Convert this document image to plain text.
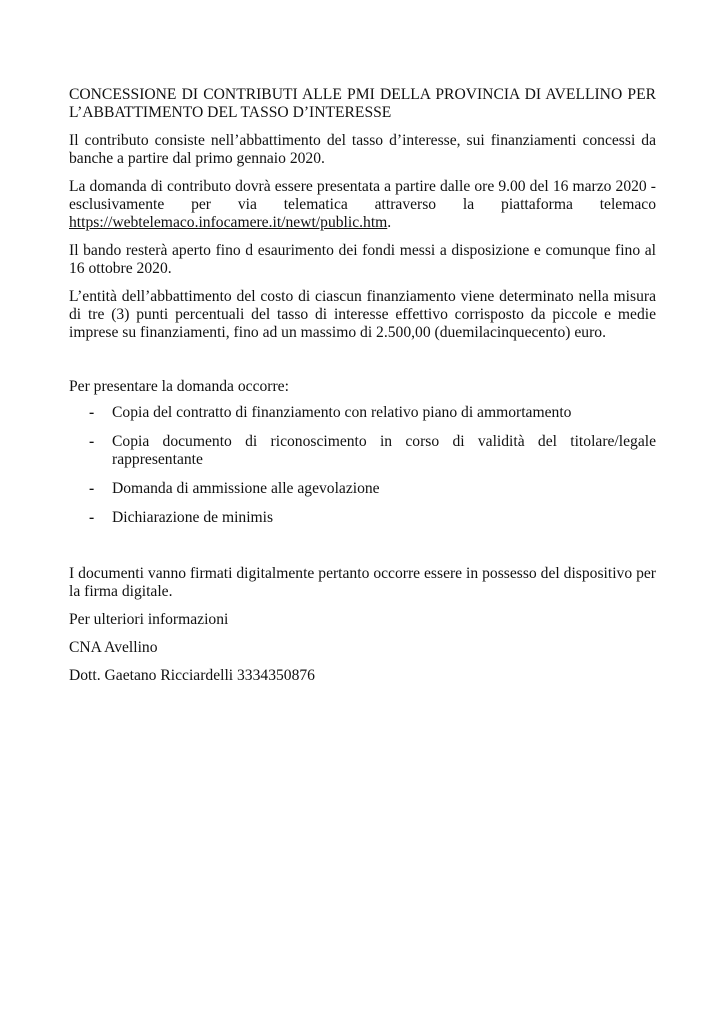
CONCESSIONE DI CONTRIBUTI ALLE PMI DELLA PROVINCIA DI AVELLINO PER L’ABBATTIMENTO DEL TASSO D’INTERESSE

Il contributo consiste nell’abbattimento del tasso d’interesse, sui finanziamenti concessi da banche a partire dal primo gennaio 2020.

La domanda di contributo dovrà essere presentata a partire dalle ore 9.00 del 16 marzo 2020 - esclusivamente per via telematica attraverso la piattaforma telemaco https://webtelemaco.infocamere.it/newt/public.htm.

Il bando resterà aperto fino d esaurimento dei fondi messi a disposizione e comunque fino al 16 ottobre 2020.

L’entità dell’abbattimento del costo di ciascun finanziamento viene determinato nella misura di tre (3) punti percentuali del tasso di interesse effettivo corrisposto da piccole e medie imprese su finanziamenti, fino ad un massimo di 2.500,00 (duemilacinquecento) euro.

Per presentare la domanda occorre:

- Copia del contratto di finanziamento con relativo piano di ammortamento
- Copia documento di riconoscimento in corso di validità del titolare/legale rappresentante
- Domanda di ammissione alle agevolazione
- Dichiarazione de minimis

I documenti vanno firmati digitalmente pertanto occorre essere in possesso del dispositivo per la firma digitale.

Per ulteriori informazioni

CNA Avellino

Dott. Gaetano Ricciardelli 3334350876
